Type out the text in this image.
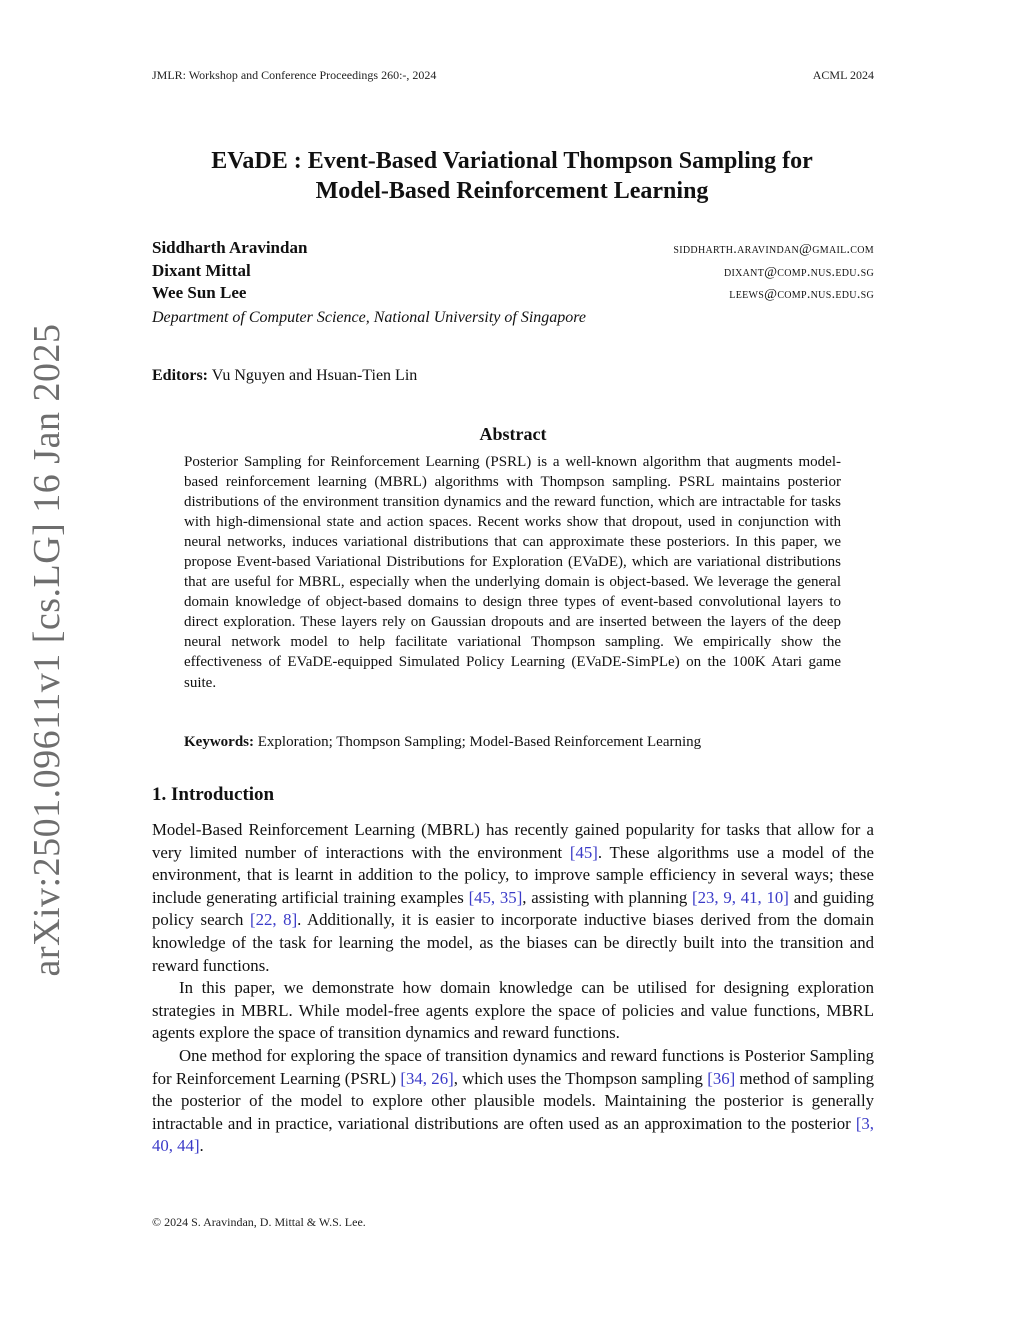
JMLR: Workshop and Conference Proceedings 260:-, 2024	ACML 2024
arXiv:2501.09611v1 [cs.LG] 16 Jan 2025
EVaDE : Event-Based Variational Thompson Sampling for
Model-Based Reinforcement Learning
Siddharth Aravindan	siddharth.aravindan@gmail.com
Dixant Mittal	dixant@comp.nus.edu.sg
Wee Sun Lee	leews@comp.nus.edu.sg
Department of Computer Science, National University of Singapore
Editors: Vu Nguyen and Hsuan-Tien Lin
Abstract

Posterior Sampling for Reinforcement Learning (PSRL) is a well-known algorithm that augments model-based reinforcement learning (MBRL) algorithms with Thompson sampling. PSRL maintains posterior distributions of the environment transition dynamics and the reward function, which are intractable for tasks with high-dimensional state and action spaces. Recent works show that dropout, used in conjunction with neural networks, induces variational distributions that can approximate these posteriors. In this paper, we propose Event-based Variational Distributions for Exploration (EVaDE), which are variational distributions that are useful for MBRL, especially when the underlying domain is object-based. We leverage the general domain knowledge of object-based domains to design three types of event-based convolutional layers to direct exploration. These layers rely on Gaussian dropouts and are inserted between the layers of the deep neural network model to help facilitate variational Thompson sampling. We empirically show the effectiveness of EVaDE-equipped Simulated Policy Learning (EVaDE-SimPLe) on the 100K Atari game suite.

Keywords: Exploration; Thompson Sampling; Model-Based Reinforcement Learning
1. Introduction

Model-Based Reinforcement Learning (MBRL) has recently gained popularity for tasks that allow for a very limited number of interactions with the environment [45]. These algorithms use a model of the environment, that is learnt in addition to the policy, to improve sample efficiency in several ways; these include generating artificial training examples [45, 35], assisting with planning [23, 9, 41, 10] and guiding policy search [22, 8]. Additionally, it is easier to incorporate inductive biases derived from the domain knowledge of the task for learning the model, as the biases can be directly built into the transition and reward functions.

In this paper, we demonstrate how domain knowledge can be utilised for designing exploration strategies in MBRL. While model-free agents explore the space of policies and value functions, MBRL agents explore the space of transition dynamics and reward functions.

One method for exploring the space of transition dynamics and reward functions is Posterior Sampling for Reinforcement Learning (PSRL) [34, 26], which uses the Thompson sampling [36] method of sampling the posterior of the model to explore other plausible models. Maintaining the posterior is generally intractable and in practice, variational distributions are often used as an approximation to the posterior [3, 40, 44].

© 2024 S. Aravindan, D. Mittal & W.S. Lee.
